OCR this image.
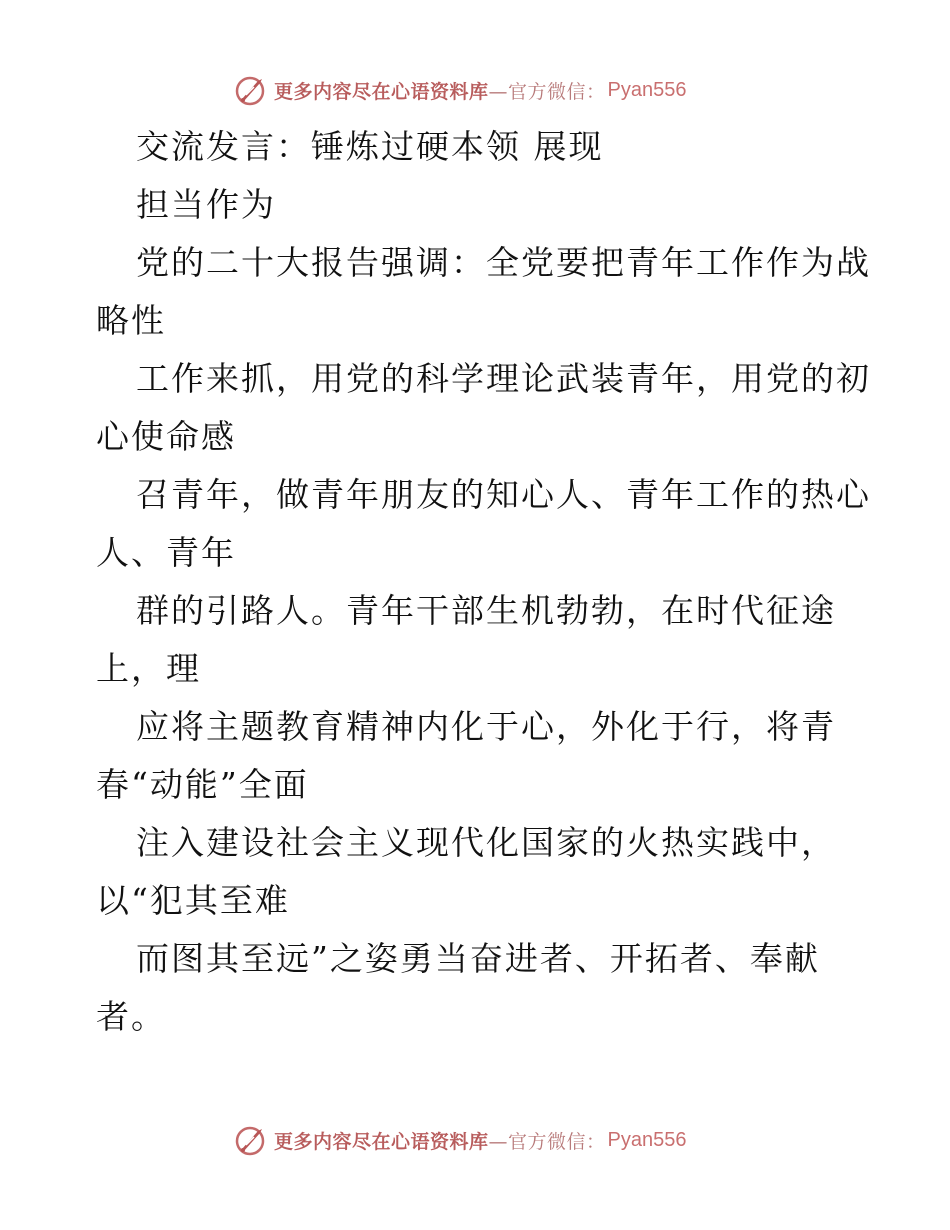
更多内容尽在心语资料库 —官方微信： Pyan556
交流发言：锤炼过硬本领 展现
担当作为
党的二十大报告强调：全党要把青年工作作为战
略性
工作来抓，用党的科学理论武装青年，用党的初
心使命感
召青年，做青年朋友的知心人、青年工作的热心
人、青年
群的引路人。青年干部生机勃勃，在时代征途
上，理
应将主题教育精神内化于心，外化于行，将青
春“动能”全面
注入建设社会主义现代化国家的火热实践中，
以“犯其至难
而图其至远”之姿勇当奋进者、开拓者、奉献
者。
更多内容尽在心语资料库 —官方微信： Pyan556
